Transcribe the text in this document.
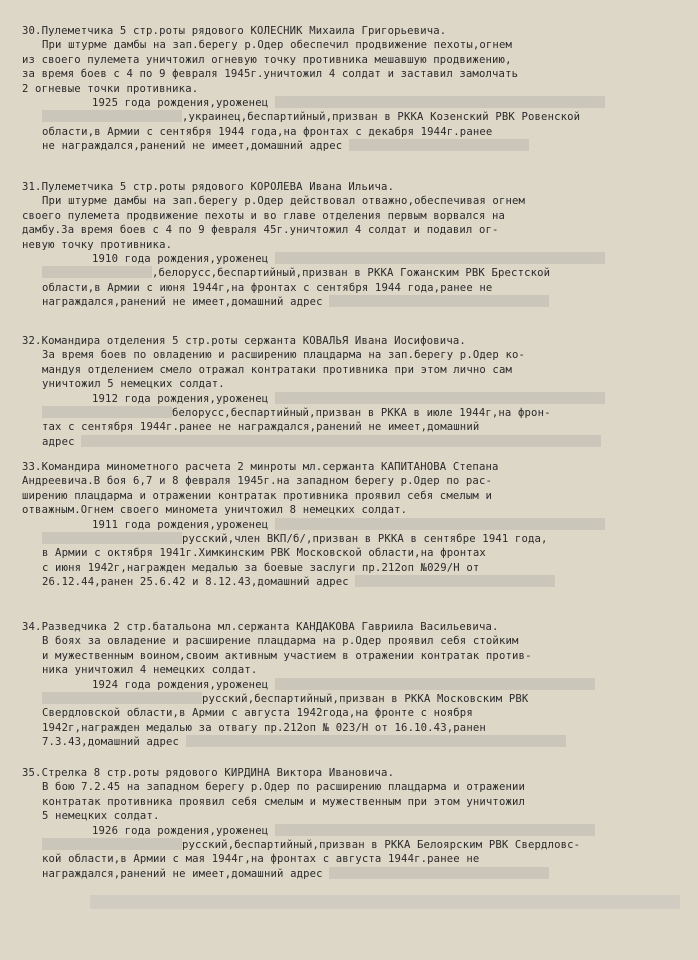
30.Пулеметчика 5 стр.роты рядового КОЛЕСНИК Михаила Григорьевича.
При штурме дамбы на зап.берегу р.Одер обеспечил продвижение пехоты,огнем
из своего пулемета уничтожил огневую точку противника мешавшую продвижению,
за время боев с 4 по 9 февраля 1945г.уничтожил 4 солдат и заставил замолчать
2 огневые точки противника.
1925 года рождения,уроженец
,украинец,беспартийный,призван в РККА Козенский РВК Ровенской
области,в Армии с сентября 1944 года,на фронтах с декабря 1944г.ранее
не награждался,ранений не имеет,домашний адрес
31.Пулеметчика 5 стр.роты рядового КОРОЛЕВА Ивана Ильича.
При штурме дамбы на зап.берегу р.Одер действовал отважно,обеспечивая огнем
своего пулемета продвижение пехоты и во главе отделения первым ворвался на
дамбу.За время боев с 4 по 9 февраля 45г.уничтожил 4 солдат и подавил ог-
невую точку противника.
1910 года рождения,уроженец
,белорусс,беспартийный,призван в РККА Гожанским РВК Брестской
области,в Армии с июня 1944г,на фронтах с сентября 1944 года,ранее не
награждался,ранений не имеет,домашний адрес
32.Командира отделения 5 стр.роты сержанта КОВАЛЬЯ Ивана Иосифовича.
За время боев по овладению и расширению плацдарма на зап.берегу р.Одер ко-
мандуя отделением смело отражал контратаки противника при этом лично сам
уничтожил 5 немецких солдат.
1912 года рождения,уроженец
белорусс,беспартийный,призван в РККА в июле 1944г,на фрон-
тах с сентября 1944г.ранее не награждался,ранений не имеет,домашний
адрес
33.Командира минометного расчета 2 минроты мл.сержанта КАПИТАНОВА Степана
Андреевича.В боя 6,7 и 8 февраля 1945г.на западном берегу р.Одер по рас-
ширению плацдарма и отражении контратак противника проявил себя смелым и
отважным.Огнем своего миномета уничтожил 8 немецких солдат.
1911 года рождения,уроженец
русский,член ВКП/б/,призван в РККА в сентябре 1941 года,
в Армии с октября 1941г.Химкинским РВК Московской области,на фронтах
с июня 1942г,награжден медалью за боевые заслуги пр.212оп №029/Н от
26.12.44,ранен 25.6.42 и 8.12.43,домашний адрес
34.Разведчика 2 стр.батальона мл.сержанта КАНДАКОВА Гавриила Васильевича.
В боях за овладение и расширение плацдарма на р.Одер проявил себя стойким
и мужественным воином,своим активным участием в отражении контратак против-
ника уничтожил 4 немецких солдат.
1924 года рождения,уроженец
русский,беспартийный,призван в РККА Московским РВК
Свердловской области,в Армии с августа 1942года,на фронте с ноября
1942г,награжден медалью за отвагу пр.212оп № 023/Н от 16.10.43,ранен
7.3.43,домашний адрес
35.Стрелка 8 стр.роты рядового КИРДИНА Виктора Ивановича.
В бою 7.2.45 на западном берегу р.Одер по расширению плацдарма и отражении
контратак противника проявил себя смелым и мужественным при этом уничтожил
5 немецких солдат.
1926 года рождения,уроженец
русский,беспартийный,призван в РККА Белоярским РВК Свердловс-
кой области,в Армии с мая 1944г,на фронтах с августа 1944г.ранее не
награждался,ранений не имеет,домашний адрес
